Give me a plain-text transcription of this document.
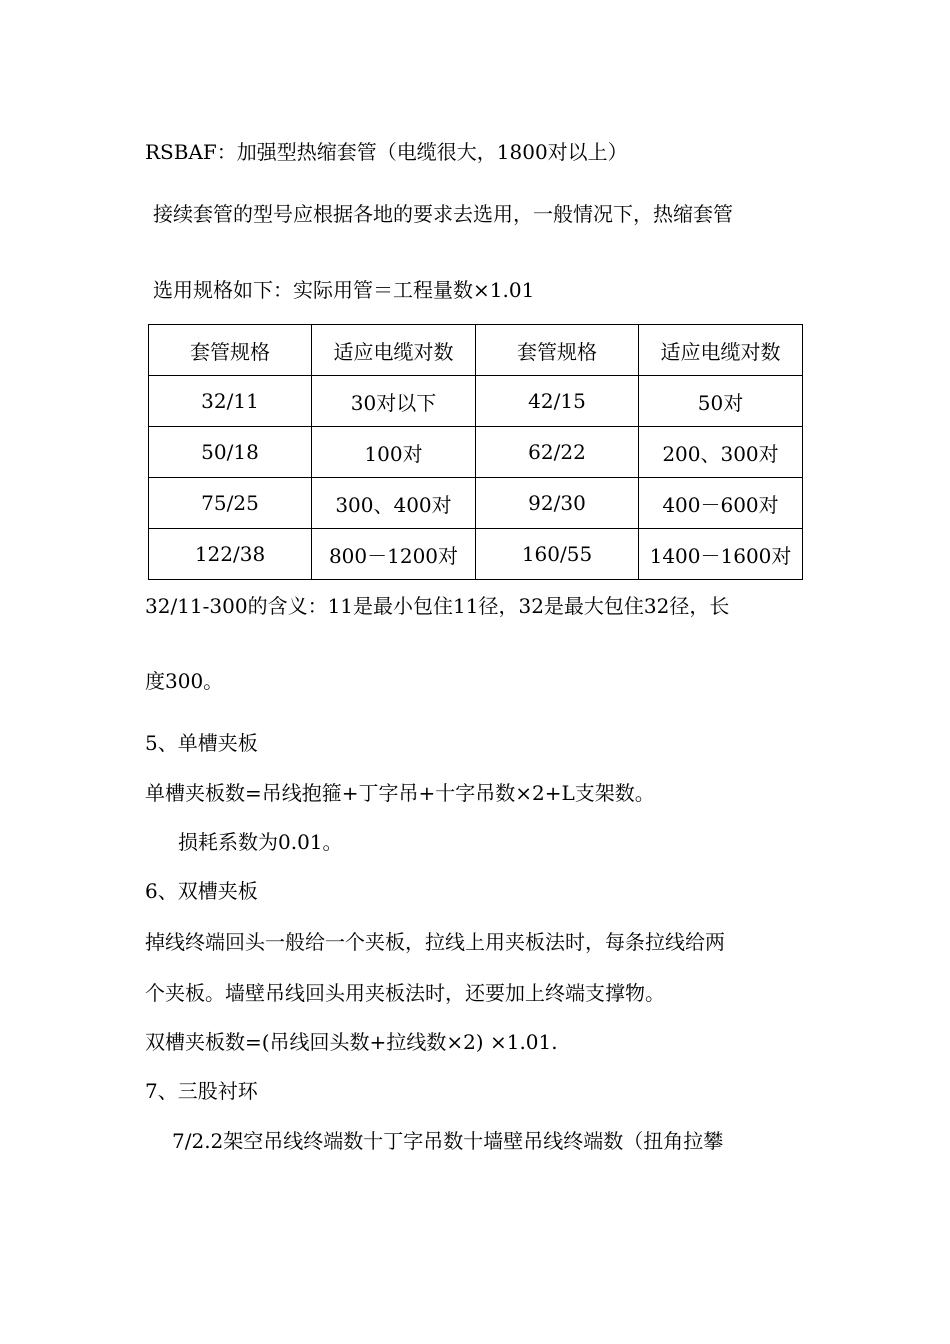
RSBAF：加强型热缩套管（电缆很大，1800对以上）

接续套管的型号应根据各地的要求去选用，一般情况下，热缩套管

选用规格如下：实际用管＝工程量数×1.01

套管规格	适应电缆对数	套管规格	适应电缆对数
32/11	30对以下	42/15	50对
50/18	100对	62/22	200、300对
75/25	300、400对	92/30	400－600对
122/38	800－1200对	160/55	1400－1600对

32/11-300的含义：11是最小包住11径，32是最大包住32径，长

度300。

5、单槽夹板

单槽夹板数=吊线抱箍+丁字吊+十字吊数×2+L支架数。

损耗系数为0.01。

6、双槽夹板

掉线终端回头一般给一个夹板，拉线上用夹板法时，每条拉线给两

个夹板。墙壁吊线回头用夹板法时，还要加上终端支撑物。

双槽夹板数=(吊线回头数+拉线数×2) ×1.01.

7、三股衬环

7/2.2架空吊线终端数十丁字吊数十墙壁吊线终端数（扭角拉攀
